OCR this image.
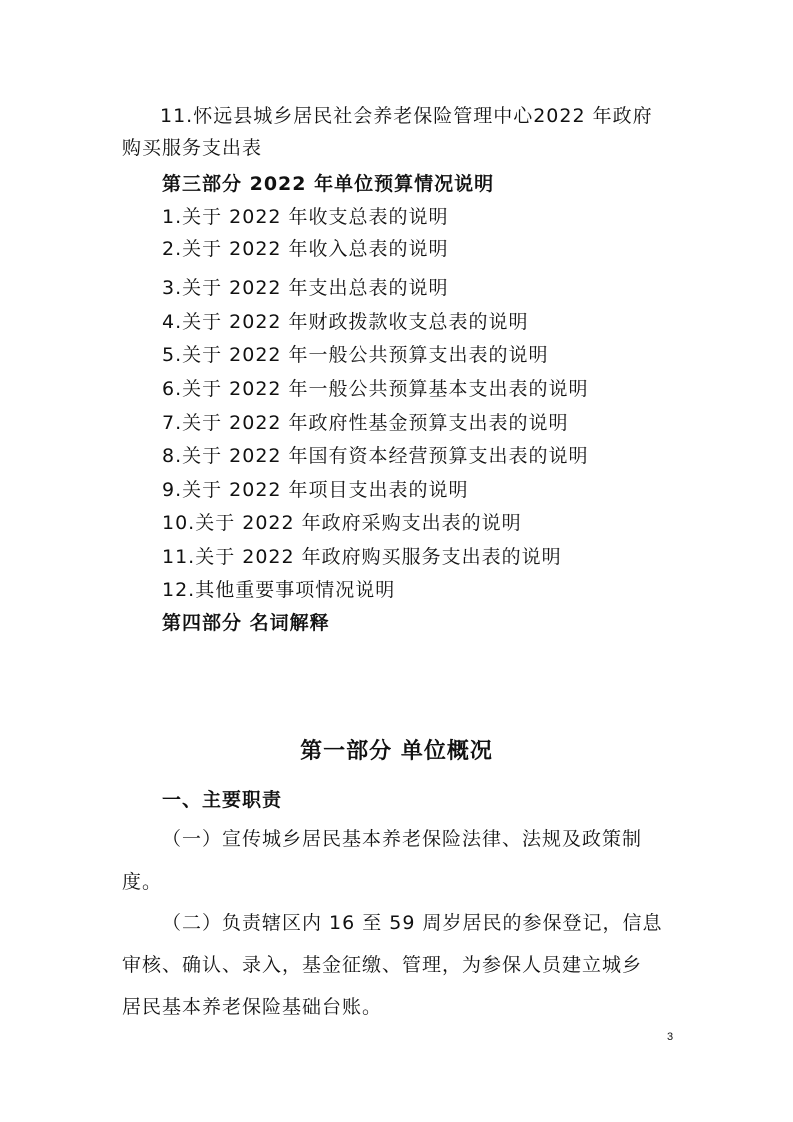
11.怀远县城乡居民社会养老保险管理中心2022 年政府
购买服务支出表
第三部分 2022 年单位预算情况说明
1.关于 2022 年收支总表的说明
2.关于 2022 年收入总表的说明
3.关于 2022 年支出总表的说明
4.关于 2022 年财政拨款收支总表的说明
5.关于 2022 年一般公共预算支出表的说明
6.关于 2022 年一般公共预算基本支出表的说明
7.关于 2022 年政府性基金预算支出表的说明
8.关于 2022 年国有资本经营预算支出表的说明
9.关于 2022 年项目支出表的说明
10.关于 2022 年政府采购支出表的说明
11.关于 2022 年政府购买服务支出表的说明
12.其他重要事项情况说明
第四部分 名词解释
第一部分 单位概况
一、主要职责
（一）宣传城乡居民基本养老保险法律、法规及政策制
度。
（二）负责辖区内 16 至 59 周岁居民的参保登记，信息
审核、确认、录入，基金征缴、管理，为参保人员建立城乡
居民基本养老保险基础台账。
3
